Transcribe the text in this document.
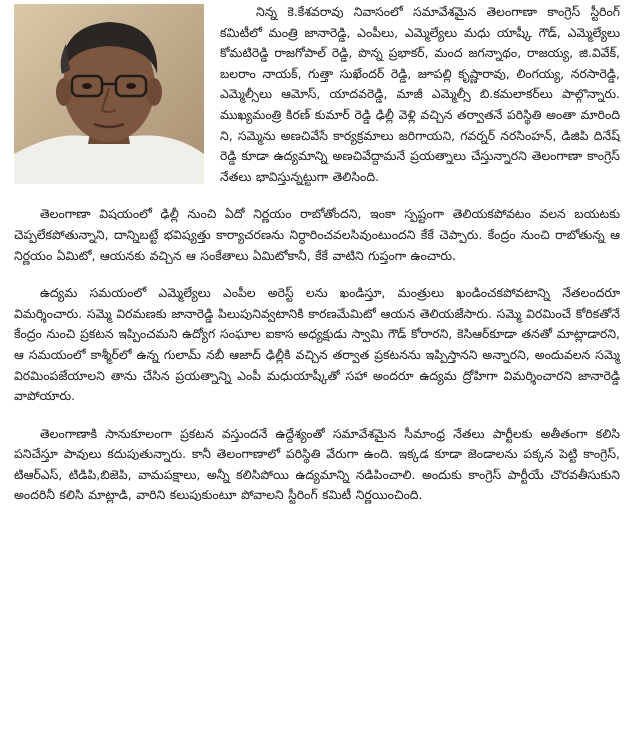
నిన్న కె.కేశవరావు నివాసంలో సమావేశమైన తెలంగాణా కాంగ్రెస్ స్టీరింగ్ కమిటీలో మంత్రి జానారెడ్డి, ఎంపీలు, ఎమ్మెల్యేలు మధు యాష్కీ గౌడ్, ఎమ్మెల్యేలు కోమటిరెడ్డి రాజగోపాల్ రెడ్డి, పొన్న ప్రభాకర్, మంద జగన్నాథం, రాజయ్య, జి.వివేక్, బలరాం నాయక్, గుత్తా సుఖేందర్ రెడ్డి, జూపల్లి కృష్ణారావు, లింగయ్య, నరసారెడ్డి, ఎమ్మెల్సీలు ఆమోస్, యాదవరెడ్డి, మాజీ ఎమ్మెల్సీ బి.కమలాకర్‌లు పాల్గొన్నారు. ముఖ్యమంత్రి కిరణ్ కుమార్ రెడ్డి ఢిల్లీ వెళ్లి వచ్చిన తర్వాతనే పరిస్థితి అంతా మారింది ని, సమ్మెను అణచివేసే కార్యక్రమాలు జరిగాయని, గవర్నర్ నరసింహన్, డిజిపి దినేష్ రెడ్డి కూడా ఉద్యమాన్ని అణచివేద్దామనే ప్రయత్నాలు చేస్తున్నారని తెలంగాణా కాంగ్రెస్ నేతలు భావిస్తున్నట్టుగా తెలిసింది.

తెలంగాణా విషయంలో ఢిల్లీ నుంచి ఏదో నిర్ణయం రాబోతోందని, ఇంకా స్పష్టంగా తెలియకపోవటం వలన బయటకు చెప్పలేకపోతున్నాని, దాన్నిబట్టే భవిష్యత్తు కార్యాచరణను నిర్ధారించవలసివుంటుందని కేకే చెప్పారు. కేంద్రం నుంచి రాబోతున్న ఆ నిర్ణయం ఏమిటో, ఆయనకు వచ్చిన ఆ సంకేతాలు ఏమిటోకానీ, కేకే వాటిని గుప్తంగా ఉంచారు.

ఉద్యమ సమయంలో ఎమ్మెల్యేలు ఎంపీల అరెస్ట్ లను ఖండిస్తూ, మంత్రులు ఖండించకపోవటాన్ని నేతలందరూ విమర్శించారు. సమ్మె విరమణకు జానారెడ్డి పిలుపునివ్వటానికి కారణమేమిటో ఆయన తెలియజేసారు. సమ్మె విరమించే కోరికతోనే కేంద్రం నుంచి ప్రకటన ఇప్పించమని ఉద్యోగ సంఘాల ఐకాస అధ్యక్షుడు స్వామి గౌడ్ కోరారని, కెసిఆర్‌కూడా తనతో మాట్లాడారని, ఆ సమయంలో కాశ్మీర్‌లో ఉన్న గులామ్ నబీ ఆజాద్ ఢిల్లీకి వచ్చిన తర్వాత ప్రకటనను ఇప్పిస్తానని అన్నారని, అందువలన సమ్మె విరమింపజేయాలని తాను చేసిన ప్రయత్నాన్ని ఎంపీ మధుయాష్కీతో సహా అందరూ ఉద్యమ ద్రోహిగా విమర్శించారని జానారెడ్డి వాపోయారు.

తెలంగాణాకి సానుకూలంగా ప్రకటన వస్తుందనే ఉద్దేశ్యంతో సమావేశమైన సీమాంధ్ర నేతలు పార్టీలకు అతీతంగా కలిసి పనిచేస్తూ పావులు కదుపుతున్నారు. కానీ తెలంగాణాలో పరిస్థితి వేరుగా ఉంది. ఇక్కడ కూడా జెండాలను పక్కన పెట్టి కాంగ్రెస్, టిఆర్ఎస్, టిడిపి,బిజెపి, వామపక్షాలు, అన్నీ కలిసిపోయి ఉద్యమాన్ని నడిపించాలి. అందుకు కాంగ్రెస్ పార్టీయే చొరవతీసుకుని అందరినీ కలిసి మాట్లాడి, వారిని కలుపుకుంటూ పోవాలని స్టీరింగ్ కమిటీ నిర్ణయించింది.
